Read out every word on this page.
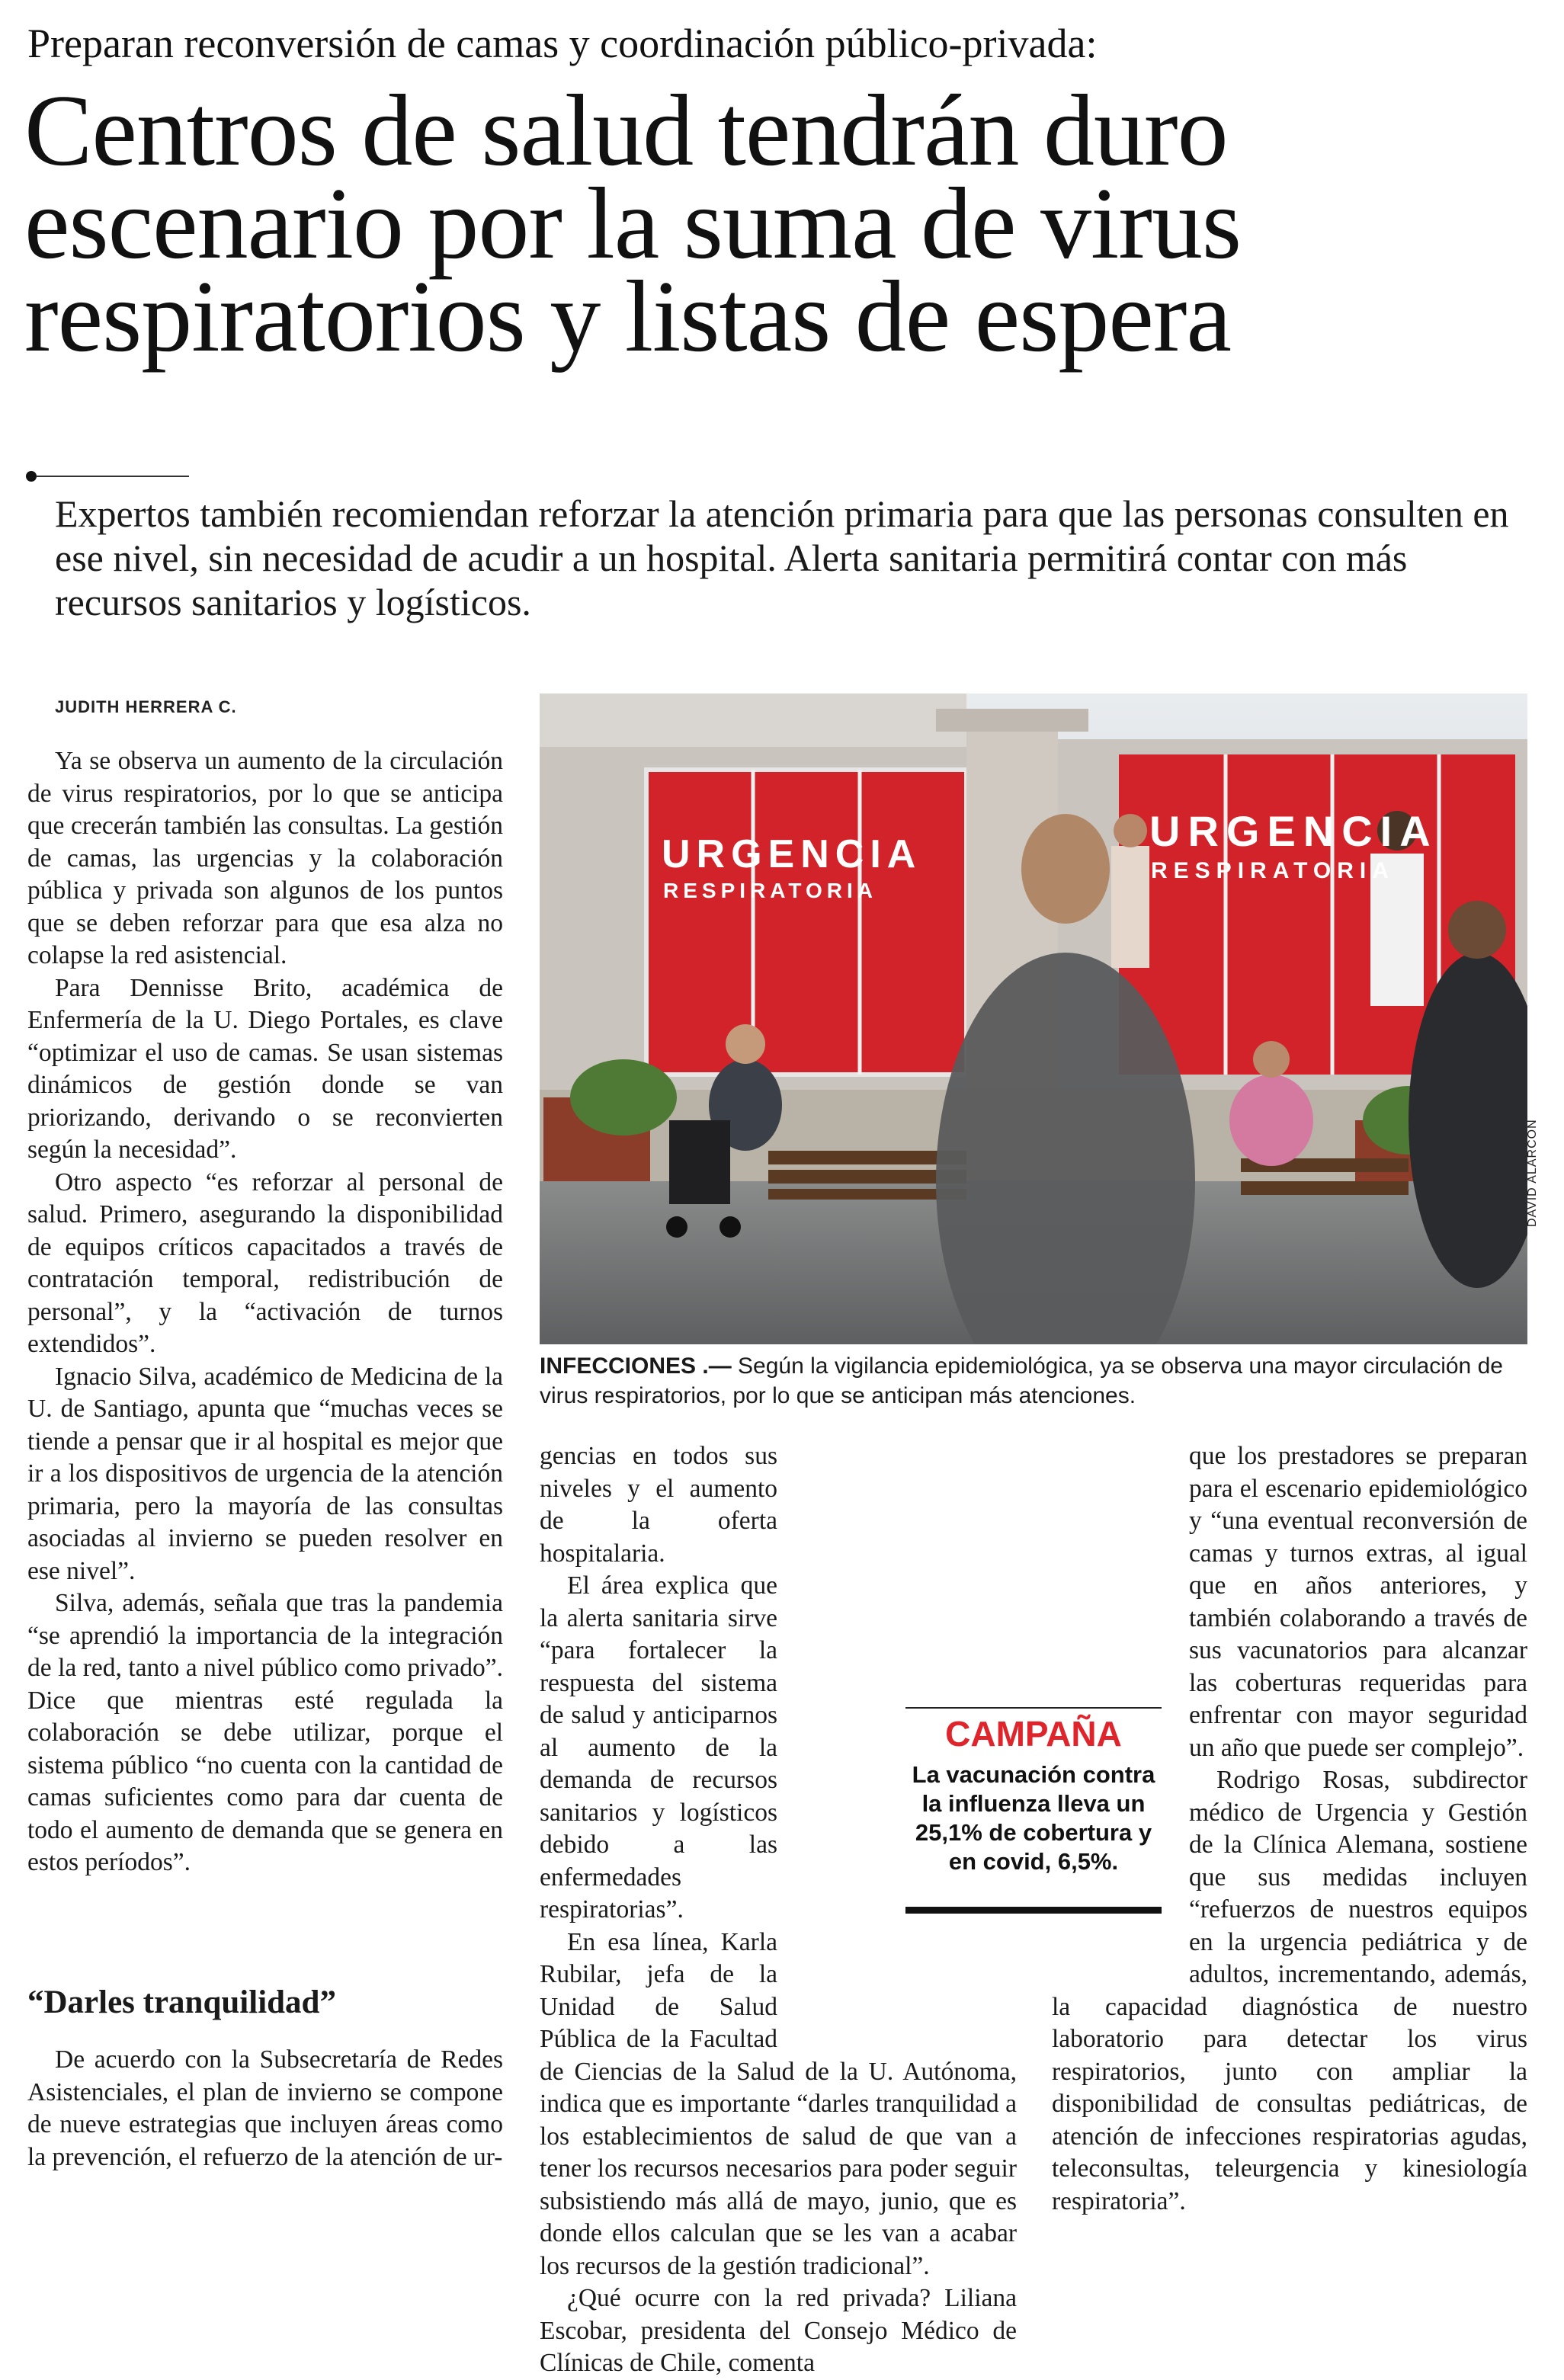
Preparan reconversión de camas y coordinación público-privada:
Centros de salud tendrán duro escenario por la suma de virus respiratorios y listas de espera
Expertos también recomiendan reforzar la atención primaria para que las personas consulten en ese nivel, sin necesidad de acudir a un hospital. Alerta sanitaria permitirá contar con más recursos sanitarios y logísticos.
JUDITH HERRERA C.
URGENCIA
RESPIRATORIA
URGENCIA
RESPIRATORIA
DAVID ALARCON
INFECCIONES .— Según la vigilancia epidemiológica, ya se observa una mayor circulación de virus respiratorios, por lo que se anticipan más atenciones.

Ya se observa un aumento de la circulación de virus respiratorios, por lo que se anticipa que crecerán también las consultas. La gestión de camas, las urgencias y la colaboración pública y privada son algunos de los puntos que se deben reforzar para que esa alza no colapse la red asistencial.

Para Dennisse Brito, académica de Enfermería de la U. Diego Portales, es clave “optimizar el uso de camas. Se usan sistemas dinámicos de gestión donde se van priorizando, derivando o se reconvierten según la necesidad”.

Otro aspecto “es reforzar al personal de salud. Primero, asegurando la disponibilidad de equipos críticos capacitados a través de contratación temporal, redistribución de personal”, y la “activación de turnos extendidos”.

Ignacio Silva, académico de Medicina de la U. de Santiago, apunta que “muchas veces se tiende a pensar que ir al hospital es mejor que ir a los dispositivos de urgencia de la atención primaria, pero la mayoría de las consultas asociadas al invierno se pueden resolver en ese nivel”.

Silva, además, señala que tras la pandemia “se aprendió la importancia de la integración de la red, tanto a nivel público como privado”. Dice que mientras esté regulada la colaboración se debe utilizar, porque el sistema público “no cuenta con la cantidad de camas suficientes como para dar cuenta de todo el aumento de demanda que se genera en estos períodos”.

“Darles tranquilidad”

De acuerdo con la Subsecretaría de Redes Asistenciales, el plan de invierno se compone de nueve estrategias que incluyen áreas como la prevención, el refuerzo de la atención de ur-

gencias en todos sus niveles y el aumento de la oferta hospitalaria.

El área explica que la alerta sanitaria sirve “para fortalecer la respuesta del sistema de salud y anticiparnos al aumento de la demanda de recursos sanitarios y logísticos debido a las enfermedades respiratorias”.

En esa línea, Karla Rubilar, jefa de la Unidad de Salud Pública de la Facultad de Ciencias de la Salud de la U. Autónoma, indica que es importante “darles tranquilidad a los establecimientos de salud de que van a tener los recursos necesarios para poder seguir subsistiendo más allá de mayo, junio, que es donde ellos calculan que se les van a acabar los recursos de la gestión tradicional”.

¿Qué ocurre con la red privada? Liliana Escobar, presidenta del Consejo Médico de Clínicas de Chile, comenta

que los prestadores se preparan para el escenario epidemiológico y “una eventual reconversión de camas y turnos extras, al igual que en años anteriores, y también colaborando a través de sus vacunatorios para alcanzar las coberturas requeridas para enfrentar con mayor seguridad un año que puede ser complejo”.

Rodrigo Rosas, subdirector médico de Urgencia y Gestión de la Clínica Alemana, sostiene que sus medidas incluyen “refuerzos de nuestros equipos en la urgencia pediátrica y de adultos, incrementando, además, la capacidad diagnóstica de nuestro laboratorio para detectar los virus respiratorios, junto con ampliar la disponibilidad de consultas pediátricas, de atención de infecciones respiratorias agudas, teleconsultas, teleurgencia y kinesiología respiratoria”.

CAMPAÑA
La vacunación contra la influenza lleva un 25,1% de cobertura y en covid, 6,5%.
